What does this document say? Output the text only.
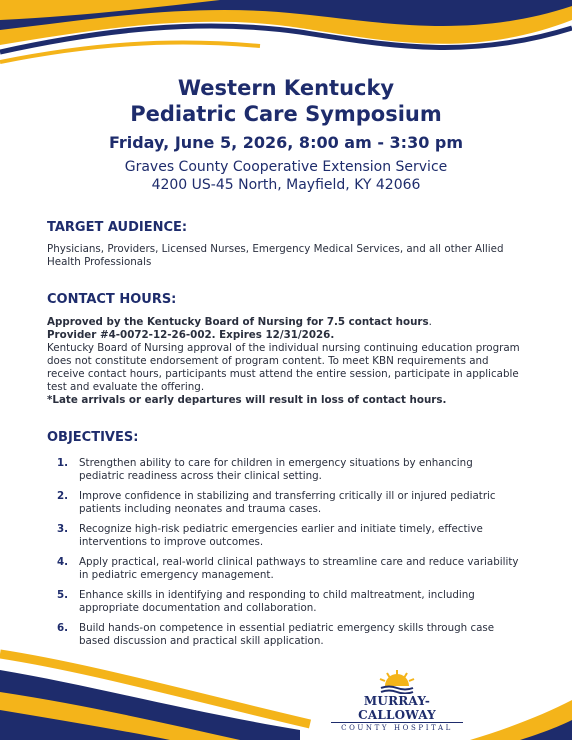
Western Kentucky
Pediatric Care Symposium
Friday, June 5, 2026, 8:00 am - 3:30 pm
Graves County Cooperative Extension Service
4200 US-45 North, Mayfield, KY 42066
TARGET AUDIENCE:
Physicians, Providers, Licensed Nurses, Emergency Medical Services, and all other Allied Health Professionals
CONTACT HOURS:
Approved by the Kentucky Board of Nursing for 7.5 contact hours.
Provider #4-0072-12-26-002. Expires 12/31/2026.
Kentucky Board of Nursing approval of the individual nursing continuing education program does not constitute endorsement of program content. To meet KBN requirements and receive contact hours, participants must attend the entire session, participate in applicable test and evaluate the offering.
*Late arrivals or early departures will result in loss of contact hours.
OBJECTIVES:
1.	Strengthen ability to care for children in emergency situations by enhancing pediatric readiness across their clinical setting.
2.	Improve confidence in stabilizing and transferring critically ill or injured pediatric patients including neonates and trauma cases.
3.	Recognize high-risk pediatric emergencies earlier and initiate timely, effective interventions to improve outcomes.
4.	Apply practical, real-world clinical pathways to streamline care and reduce variability in pediatric emergency management.
5.	Enhance skills in identifying and responding to child maltreatment, including appropriate documentation and collaboration.
6.	Build hands-on competence in essential pediatric emergency skills through case based discussion and practical skill application.
MURRAY-CALLOWAY
COUNTY HOSPITAL
